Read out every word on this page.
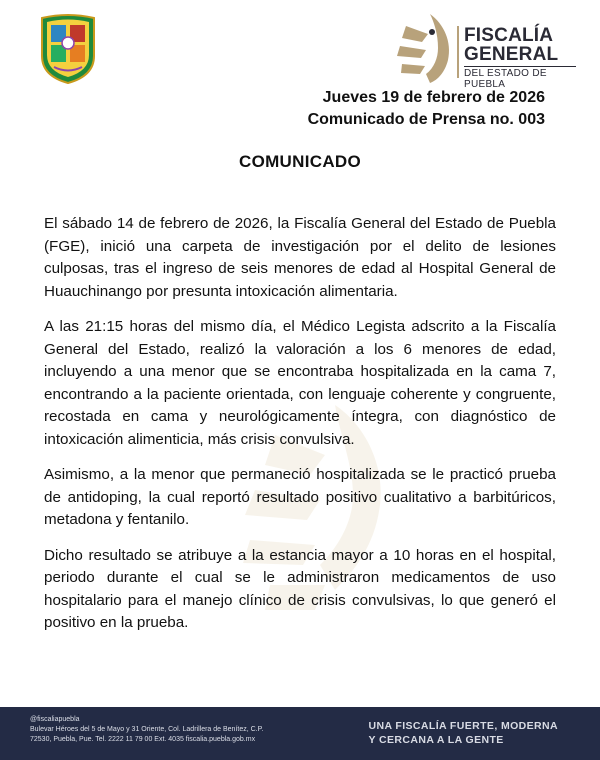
FISCALÍA
GENERAL
DEL ESTADO DE PUEBLA
Jueves 19 de febrero de 2026
Comunicado de Prensa no. 003
COMUNICADO

El sábado 14 de febrero de 2026, la Fiscalía General del Estado de Puebla (FGE), inició una carpeta de investigación por el delito de lesiones culposas, tras el ingreso de seis menores de edad al Hospital General de Huauchinango por presunta intoxicación alimentaria.

A las 21:15 horas del mismo día, el Médico Legista adscrito a la Fiscalía General del Estado, realizó la valoración a los 6 menores de edad, incluyendo a una menor que se encontraba hospitalizada en la cama 7, encontrando a la paciente orientada, con lenguaje coherente y congruente, recostada en cama y neurológicamente íntegra, con diagnóstico de intoxicación alimenticia, más crisis convulsiva.

Asimismo, a la menor que permaneció hospitalizada se le practicó prueba de antidoping, la cual reportó resultado positivo cualitativo a barbitúricos, metadona y fentanilo.

Dicho resultado se atribuye a la estancia mayor a 10 horas en el hospital, periodo durante el cual se le administraron medicamentos de uso hospitalario para el manejo clínico de crisis convulsivas, lo que generó el positivo en la prueba.

@fiscaliapuebla
Bulevar Héroes del 5 de Mayo y 31 Oriente, Col. Ladrillera de Benítez, C.P.
72530, Puebla, Pue. Tel. 2222 11 79 00 Ext. 4035 fiscalia.puebla.gob.mx
UNA FISCALÍA FUERTE, MODERNA
Y CERCANA A LA GENTE
